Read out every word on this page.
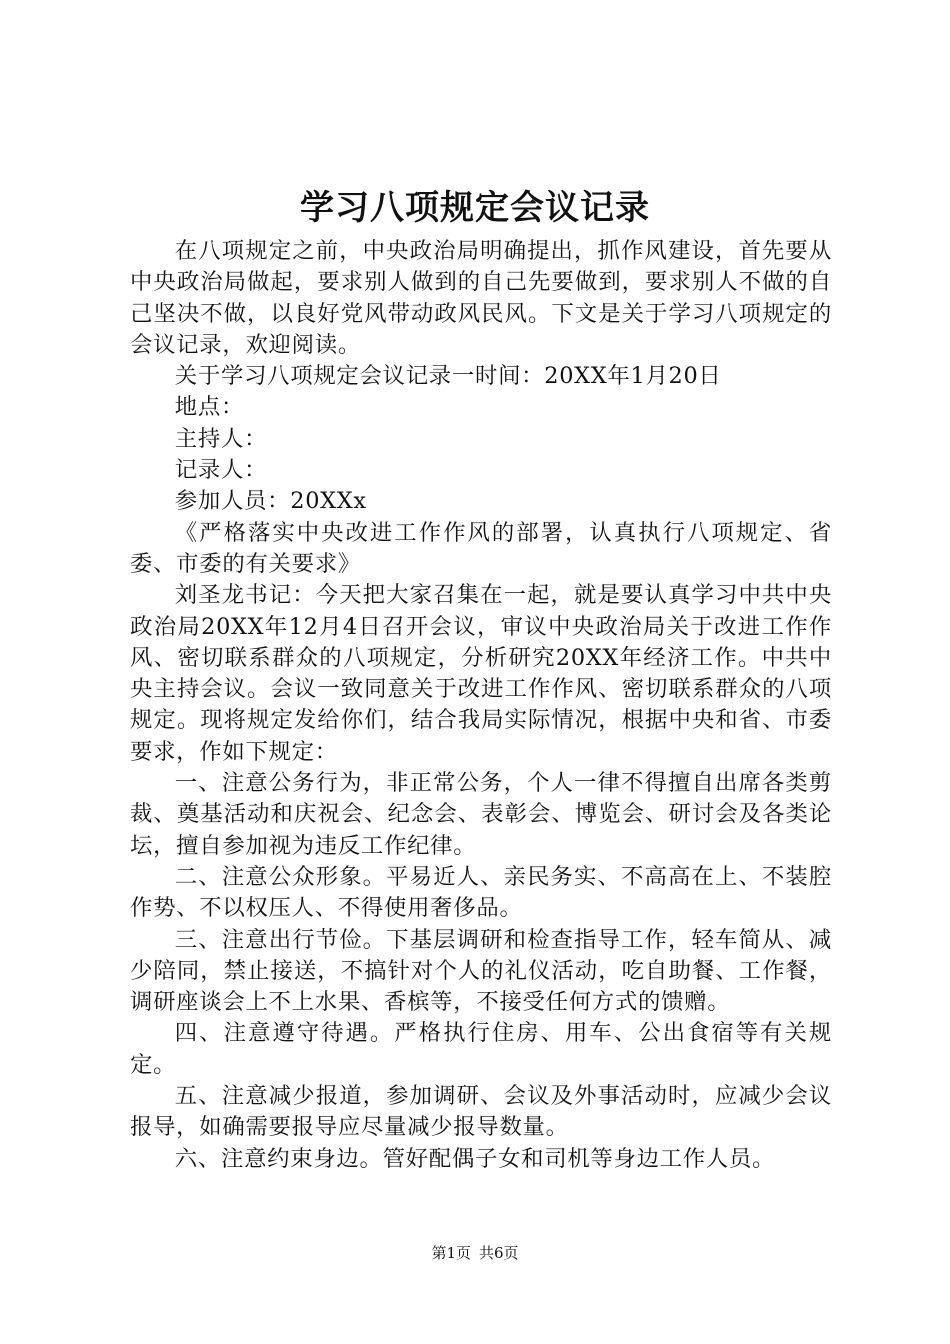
学习八项规定会议记录

在八项规定之前，中央政治局明确提出，抓作风建设，首先要从中央政治局做起，要求别人做到的自己先要做到，要求别人不做的自己坚决不做，以良好党风带动政风民风。下文是关于学习八项规定的会议记录，欢迎阅读。

关于学习八项规定会议记录一时间：20XX年1月20日

地点：

主持人：

记录人：

参加人员：20XXx

《严格落实中央改进工作作风的部署，认真执行八项规定、省委、市委的有关要求》

刘圣龙书记：今天把大家召集在一起，就是要认真学习中共中央政治局20XX年12月4日召开会议，审议中央政治局关于改进工作作风、密切联系群众的八项规定，分析研究20XX年经济工作。中共中央主持会议。会议一致同意关于改进工作作风、密切联系群众的八项规定。现将规定发给你们，结合我局实际情况，根据中央和省、市委要求，作如下规定：

一、注意公务行为，非正常公务，个人一律不得擅自出席各类剪裁、奠基活动和庆祝会、纪念会、表彰会、博览会、研讨会及各类论坛，擅自参加视为违反工作纪律。

二、注意公众形象。平易近人、亲民务实、不高高在上、不装腔作势、不以权压人、不得使用奢侈品。

三、注意出行节俭。下基层调研和检查指导工作，轻车简从、减少陪同，禁止接送，不搞针对个人的礼仪活动，吃自助餐、工作餐，调研座谈会上不上水果、香槟等，不接受任何方式的馈赠。

四、注意遵守待遇。严格执行住房、用车、公出食宿等有关规定。

五、注意减少报道，参加调研、会议及外事活动时，应减少会议报导，如确需要报导应尽量减少报导数量。

六、注意约束身边。管好配偶子女和司机等身边工作人员。

第1页 共6页
